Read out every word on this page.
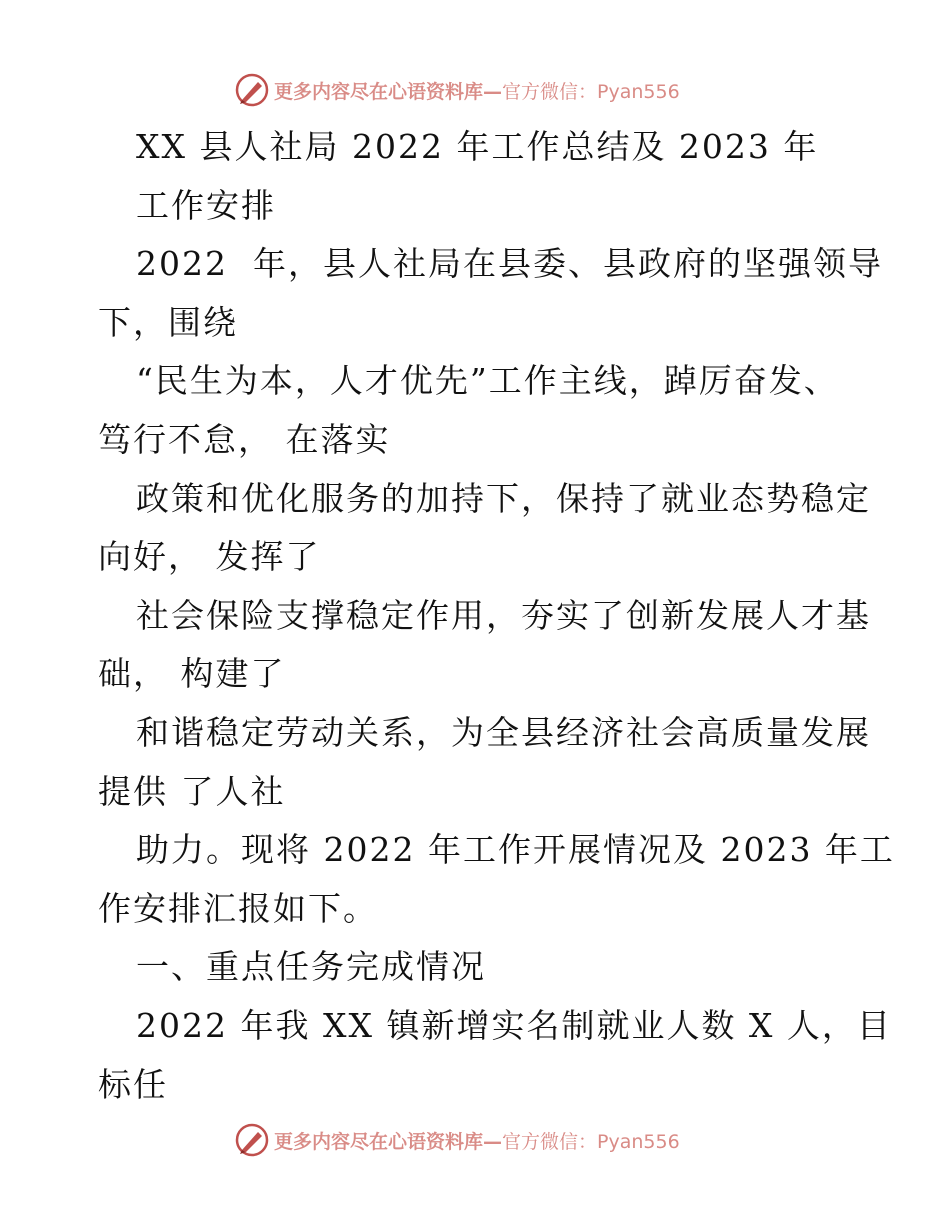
更多内容尽在心语资料库— 官方微信：Pyan556
XX 县人社局 2022 年工作总结及 2023 年
工作安排
2022  年，县人社局在县委、县政府的坚强领导
下，围绕
“民生为本，人才优先”工作主线，踔厉奋发、
笃行不怠， 在落实
政策和优化服务的加持下，保持了就业态势稳定
向好， 发挥了
社会保险支撑稳定作用，夯实了创新发展人才基
础， 构建了
和谐稳定劳动关系，为全县经济社会高质量发展
提供 了人社
助力。现将 2022 年工作开展情况及 2023 年工
作安排汇报如下。
一、重点任务完成情况
2022 年我 XX 镇新增实名制就业人数 X 人，目
标任
更多内容尽在心语资料库— 官方微信：Pyan556
